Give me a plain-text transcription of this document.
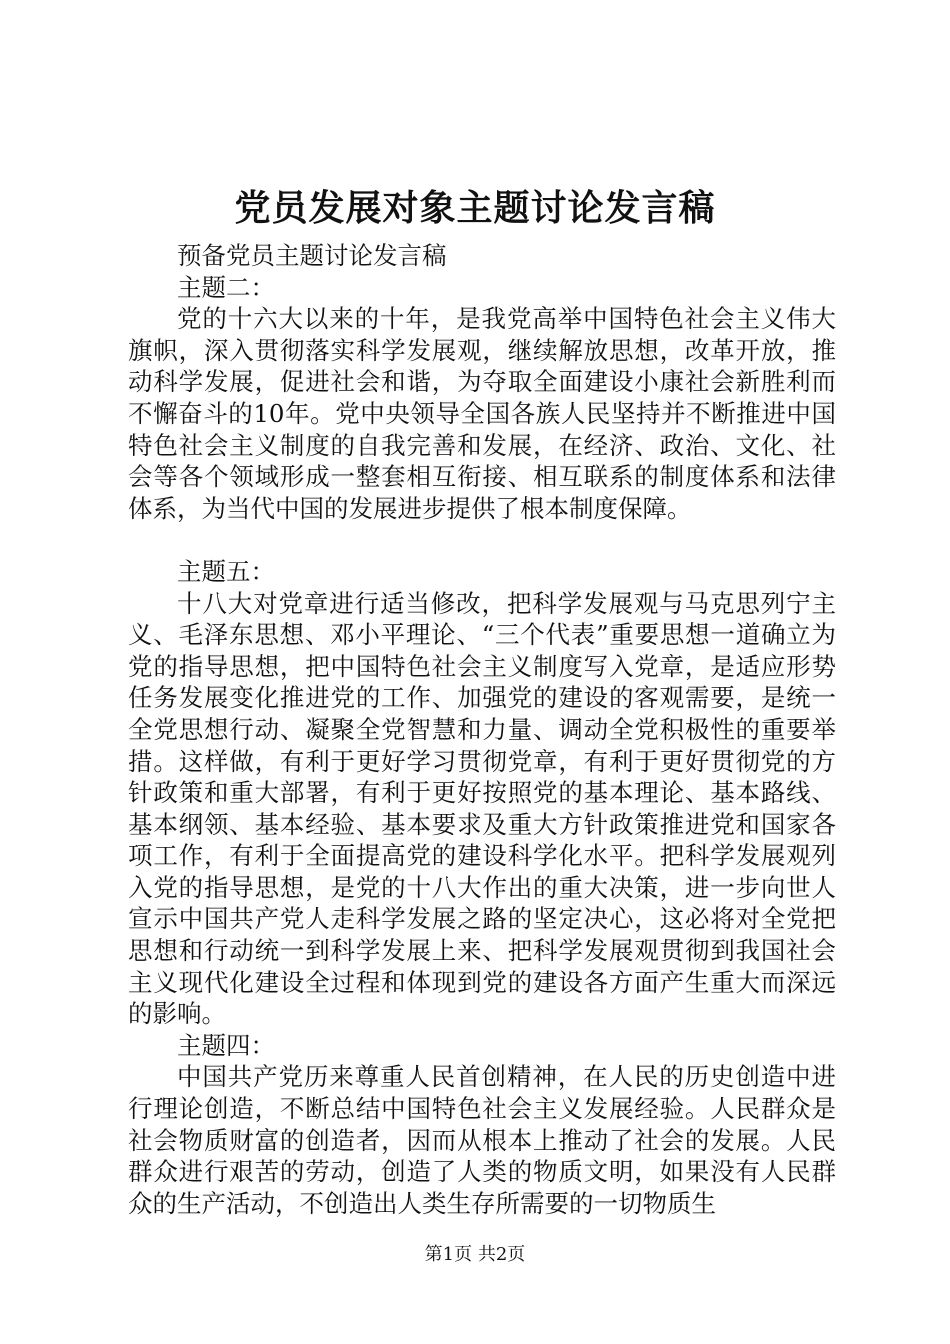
党员发展对象主题讨论发言稿

预备党员主题讨论发言稿

主题二：

党的十六大以来的十年，是我党高举中国特色社会主义伟大旗帜，深入贯彻落实科学发展观，继续解放思想，改革开放，推动科学发展，促进社会和谐，为夺取全面建设小康社会新胜利而不懈奋斗的10年。党中央领导全国各族人民坚持并不断推进中国特色社会主义制度的自我完善和发展，在经济、政治、文化、社会等各个领域形成一整套相互衔接、相互联系的制度体系和法律体系，为当代中国的发展进步提供了根本制度保障。

主题五：

十八大对党章进行适当修改，把科学发展观与马克思列宁主义、毛泽东思想、邓小平理论、“三个代表”重要思想一道确立为党的指导思想，把中国特色社会主义制度写入党章，是适应形势任务发展变化推进党的工作、加强党的建设的客观需要，是统一全党思想行动、凝聚全党智慧和力量、调动全党积极性的重要举措。这样做，有利于更好学习贯彻党章，有利于更好贯彻党的方针政策和重大部署，有利于更好按照党的基本理论、基本路线、基本纲领、基本经验、基本要求及重大方针政策推进党和国家各项工作，有利于全面提高党的建设科学化水平。把科学发展观列入党的指导思想，是党的十八大作出的重大决策，进一步向世人宣示中国共产党人走科学发展之路的坚定决心，这必将对全党把思想和行动统一到科学发展上来、把科学发展观贯彻到我国社会主义现代化建设全过程和体现到党的建设各方面产生重大而深远的影响。

主题四：

中国共产党历来尊重人民首创精神，在人民的历史创造中进行理论创造，不断总结中国特色社会主义发展经验。人民群众是社会物质财富的创造者，因而从根本上推动了社会的发展。人民群众进行艰苦的劳动，创造了人类的物质文明，如果没有人民群众的生产活动，不创造出人类生存所需要的一切物质生

第1页 共2页
